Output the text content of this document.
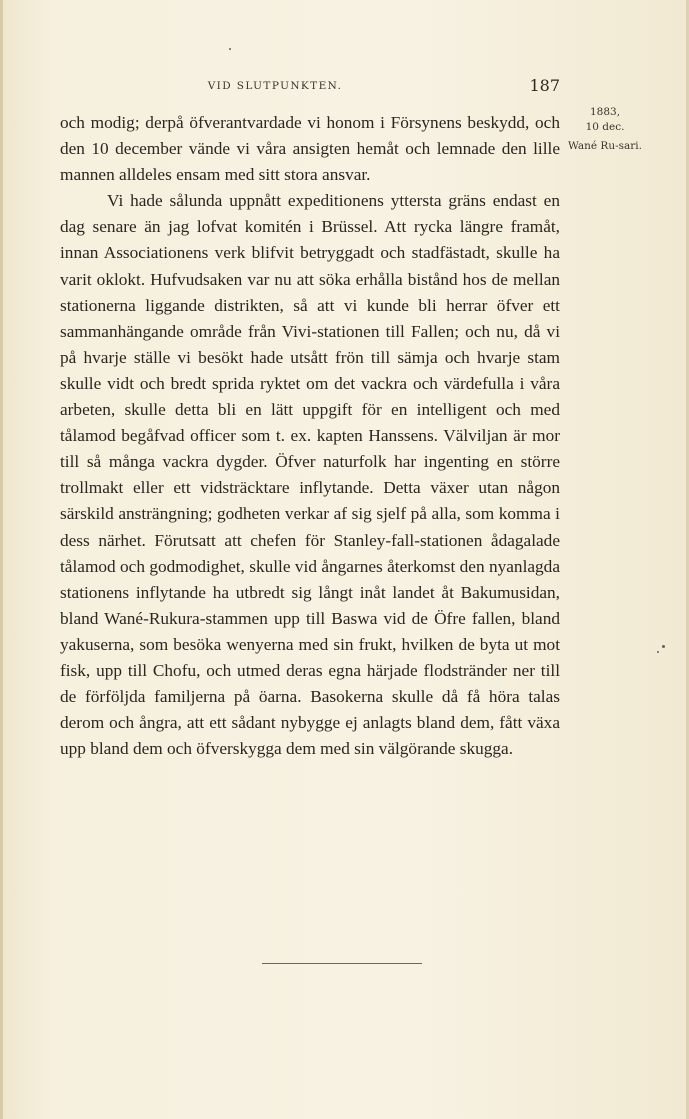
VID SLUTPUNKTEN.	187

och modig; derpå öfverantvardade vi honom i Försynens beskydd, och den 10 december vände vi våra ansigten hemåt och lemnade den lille mannen alldeles ensam med sitt stora ansvar.

Vi hade sålunda uppnått expeditionens yttersta gräns endast en dag senare än jag lofvat komitén i Brüssel. Att rycka längre framåt, innan Associationens verk blifvit betryggadt och stadfästadt, skulle ha varit oklokt. Hufvudsaken var nu att söka erhålla bistånd hos de mellan stationerna liggande distrikten, så att vi kunde bli herrar öfver ett sammanhängande område från Vivi-stationen till Fallen; och nu, då vi på hvarje ställe vi besökt hade utsått frön till sämja och hvarje stam skulle vidt och bredt sprida ryktet om det vackra och värdefulla i våra arbeten, skulle detta bli en lätt uppgift för en intelligent och med tålamod begåfvad officer som t. ex. kapten Hanssens. Välviljan är mor till så många vackra dygder. Öfver naturfolk har ingenting en större trollmakt eller ett vidsträcktare inflytande. Detta växer utan någon särskild ansträngning; godheten verkar af sig sjelf på alla, som komma i dess närhet. Förutsatt att chefen för Stanley-fall-stationen ådagalade tålamod och godmodighet, skulle vid ångarnes återkomst den nyanlagda stationens inflytande ha utbredt sig långt inåt landet åt Bakumusidan, bland Wané-Rukura-stammen upp till Baswa vid de Öfre fallen, bland yakuserna, som besöka wenyerna med sin frukt, hvilken de byta ut mot fisk, upp till Chofu, och utmed deras egna härjade flodstränder ner till de förföljda familjerna på öarna. Basokerna skulle då få höra talas derom och ångra, att ett sådant nybygge ej anlagts bland dem, fått växa upp bland dem och öfverskygga dem med sin välgörande skugga.

1883,
10 dec.
Wané Ru-sari.
